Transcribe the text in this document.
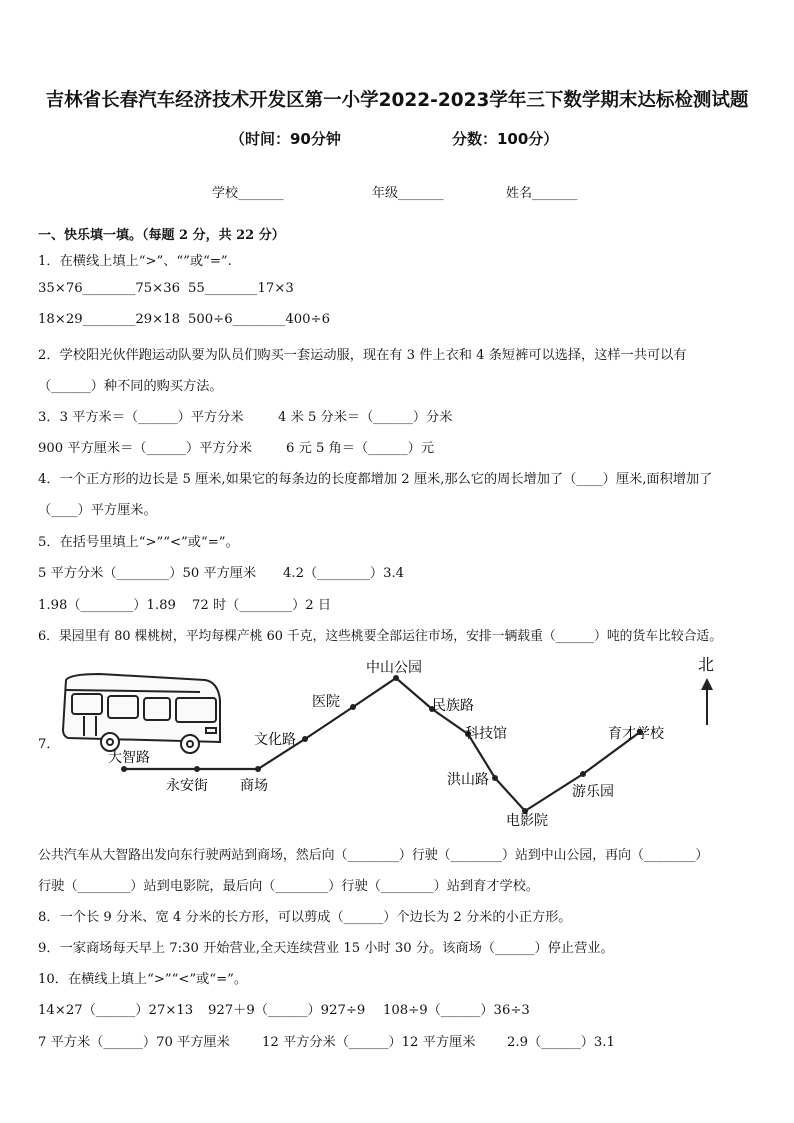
吉林省长春汽车经济技术开发区第一小学2022-2023学年三下数学期末达标检测试题
（时间：90分钟	分数：100分）
学校_______	年级_______	姓名_______
一、快乐填一填。（每题 2 分，共 22 分）
1．在横线上填上“>”、“”或“=”.
35×76________75×36 55________17×3
18×29________29×18 500÷6________400÷6
2．学校阳光伙伴跑运动队要为队员们购买一套运动服，现在有 3 件上衣和 4 条短裤可以选择，这样一共可以有
（______）种不同的购买方法。
3．3 平方米＝（______）平方分米	4 米 5 分米＝（______）分米
900 平方厘米＝（______）平方分米	6 元 5 角＝（______）元
4．一个正方形的边长是 5 厘米,如果它的每条边的长度都增加 2 厘米,那么它的周长增加了（____）厘米,面积增加了
（____）平方厘米。
5．在括号里填上“>”“<”或“=”。
5 平方分米（________）50 平方厘米 4.2（________）3.4
1.98（________）1.89 72 时（________）2 日
6．果园里有 80 棵桃树，平均每棵产桃 60 千克，这些桃要全部运往市场，安排一辆载重（______）吨的货车比较合适。
7．
北
大智路
永安街 商场
文化路
医院
中山公园
民族路
科技馆
洪山路
电影院
游乐园
育才学校
公共汽车从大智路出发向东行驶两站到商场，然后向（________）行驶（________）站到中山公园，再向（________）
行驶（________）站到电影院，最后向（________）行驶（________）站到育才学校。
8．一个长 9 分米、宽 4 分米的长方形，可以剪成（______）个边长为 2 分米的小正方形。
9．一家商场每天早上 7:30 开始营业,全天连续营业 15 小时 30 分。该商场（______）停止营业。
10．在横线上填上“>”“<”或“=”。
14×27（______）27×13 927＋9（______）927÷9 108÷9（______）36÷3
7 平方米（______）70 平方厘米 12 平方分米（______）12 平方厘米 2.9（______）3.1
